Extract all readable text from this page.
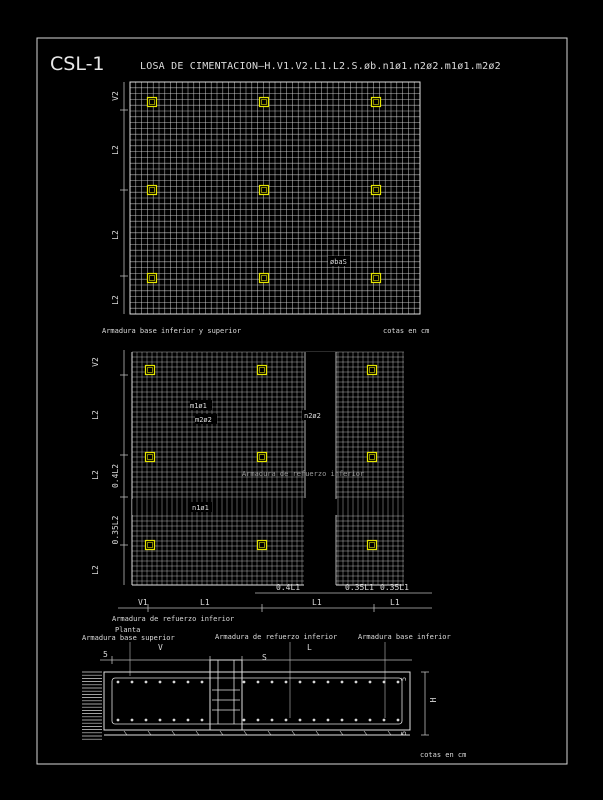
CSL-1	LOSA DE CIMENTACION—H.V1.V2.L1.L2.S.øb.n1ø1.n2ø2.m1ø1.m2ø2
V2
L2
L2
L2
øbaS
Armadura base inferior y superior	cotas en cm
V2
L2
0.4L2
0.35L2
L2
L2
m1ø1
m2ø2	n2ø2
n1ø1
Armadura de refuerzo inferior
0.4L1	0.35L1 0.35L1
V1	L1	L1	L1
Armadura de refuerzo inferior
Planta
Armadura base superior	Armadura de refuerzo inferior	Armadura base inferior
5
V
S
L
H
5
5
cotas en cm
